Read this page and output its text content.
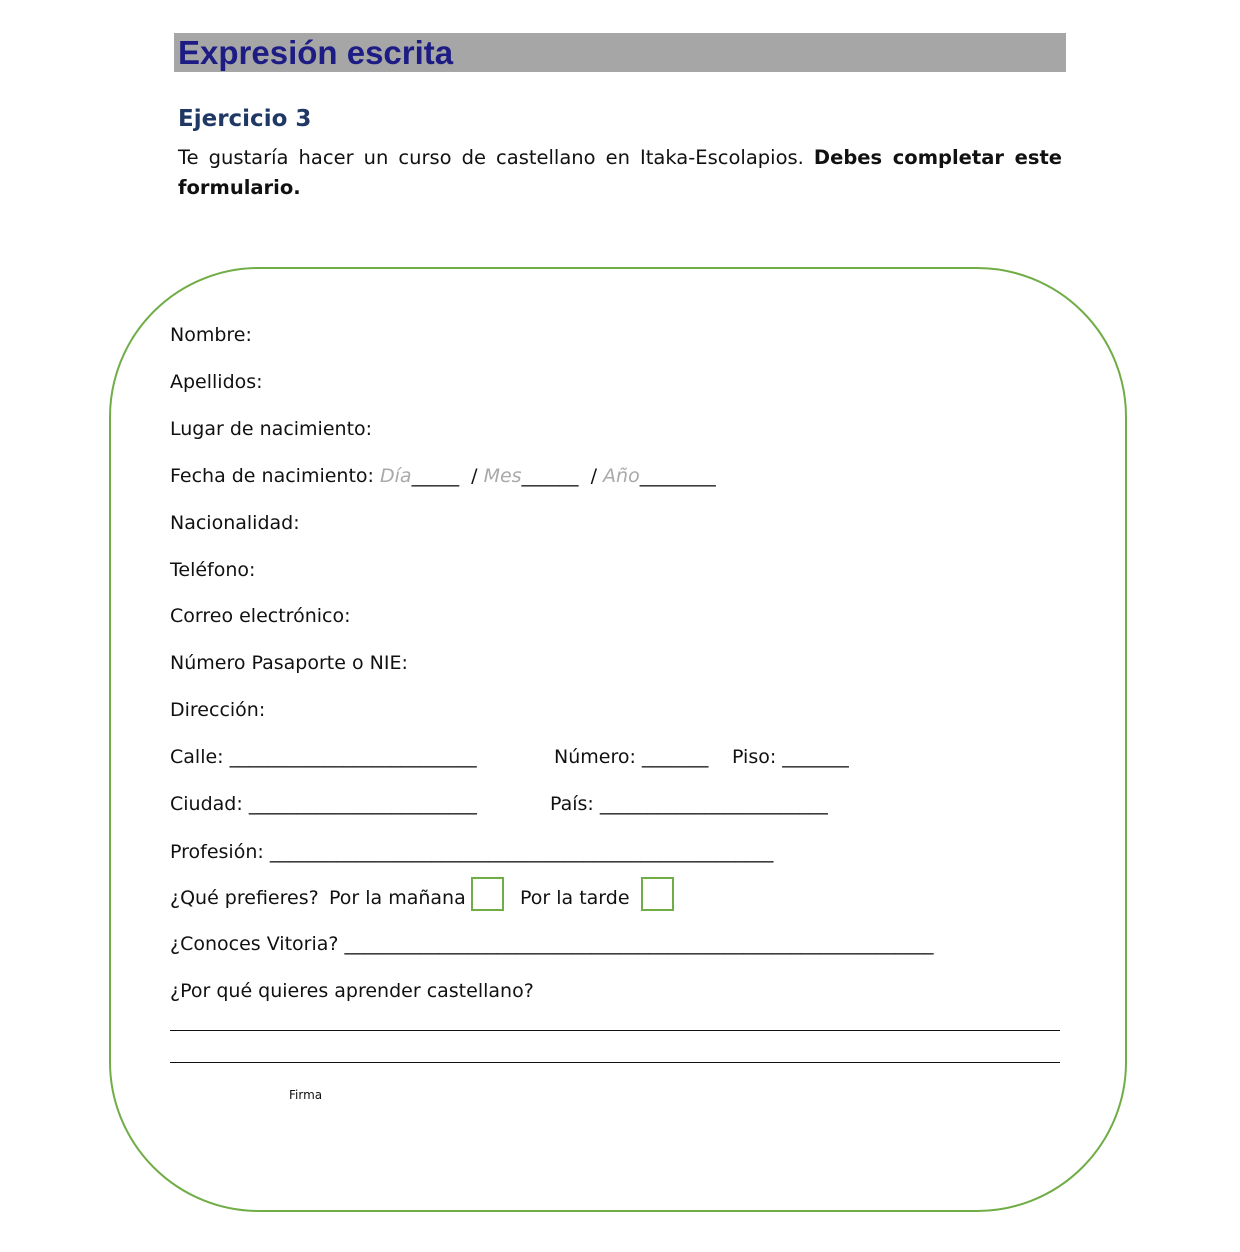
Expresión escrita
Ejercicio 3
Te gustaría hacer un curso de castellano en Itaka-Escolapios. Debes completar este formulario.
Nombre:
Apellidos:
Lugar de nacimiento:
Fecha de nacimiento: Día_____ / Mes______ / Año________
Nacionalidad:
Teléfono:
Correo electrónico:
Número Pasaporte o NIE:
Dirección:
Calle: __________________________	Número: _______ Piso: _______
Ciudad: ________________________	País: ________________________
Profesión: _____________________________________________________
¿Qué prefieres? Por la mañana	Por la tarde
¿Conoces Vitoria? ______________________________________________________________
¿Por qué quieres aprender castellano?
Firma
